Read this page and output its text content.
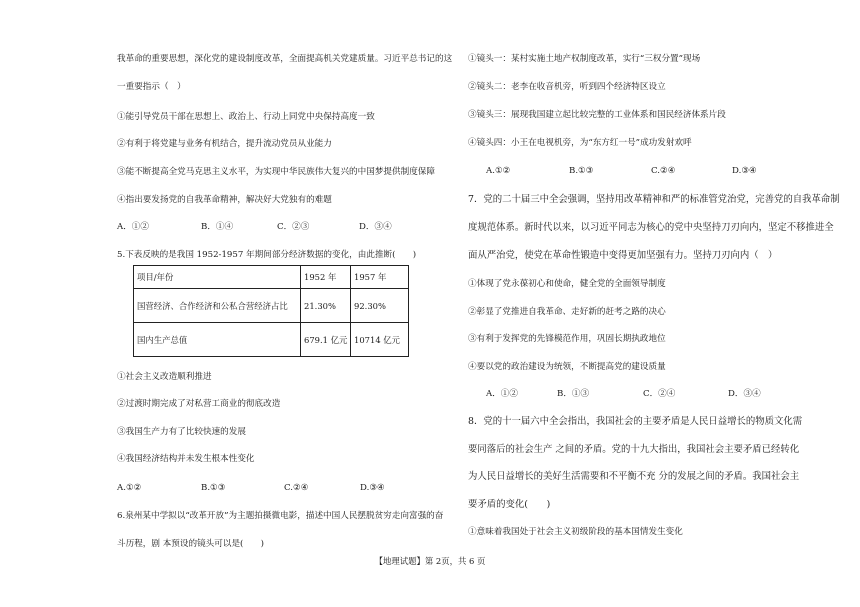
我革命的重要思想，深化党的建设制度改革，全面提高机关党建质量。习近平总书记的这
一重要指示（　）
①能引导党员干部在思想上、政治上、行动上同党中央保持高度一致
②有利于将党建与业务有机结合，提升流动党员从业能力
③能不断提高全党马克思主义水平，为实现中华民族伟大复兴的中国梦提供制度保障
④指出要发扬党的自我革命精神，解决好大党独有的难题
A．①②	B．①④	C．②③	D．③④
5.下表反映的是我国 1952-1957 年期间部分经济数据的变化，由此推断(　　)
项目/年份	1952 年	1957 年
国营经济、合作经济和公私合营经济占比	21.30%	92.30%
国内生产总值	679.1 亿元	10714 亿元
①社会主义改造顺利推进
②过渡时期完成了对私营工商业的彻底改造
③我国生产力有了比较快速的发展
④我国经济结构并未发生根本性变化
A.①②	B.①③	C.②④	D.③④
6.泉州某中学拟以“改革开放”为主题拍摄微电影，描述中国人民摆脱贫穷走向富强的奋
斗历程，剧 本预设的镜头可以是(　　)
①镜头一：某村实施土地产权制度改革，实行“三权分置”现场
②镜头二：老李在收音机旁，听到四个经济特区设立
③镜头三：展现我国建立起比较完整的工业体系和国民经济体系片段
④镜头四：小王在电视机旁，为“东方红一号”成功发射欢呼
A.①②	B.①③	C.②④	D.③④
7．党的二十届三中全会强调，坚持用改革精神和严的标准管党治党，完善党的自我革命制
度规范体系。新时代以来，以习近平同志为核心的党中央坚持刀刃向内，坚定不移推进全
面从严治党，使党在革命性锻造中变得更加坚强有力。坚持刀刃向内（　）
①体现了党永葆初心和使命，健全党的全面领导制度
②彰显了党推进自我革命、走好新的赶考之路的决心
③有利于发挥党的先锋模范作用，巩固长期执政地位
④要以党的政治建设为统领，不断提高党的建设质量
A．①②	B．①③	C．②④	D．③④
8．党的十一届六中全会指出，我国社会的主要矛盾是人民日益增长的物质文化需
要同落后的社会生产 之间的矛盾。党的十九大指出，我国社会主要矛盾已经转化
为人民日益增长的美好生活需要和不平衡不充 分的发展之间的矛盾。我国社会主
要矛盾的变化(　　)
①意味着我国处于社会主义初级阶段的基本国情发生变化
【地理试题】第 2页，共 6 页
